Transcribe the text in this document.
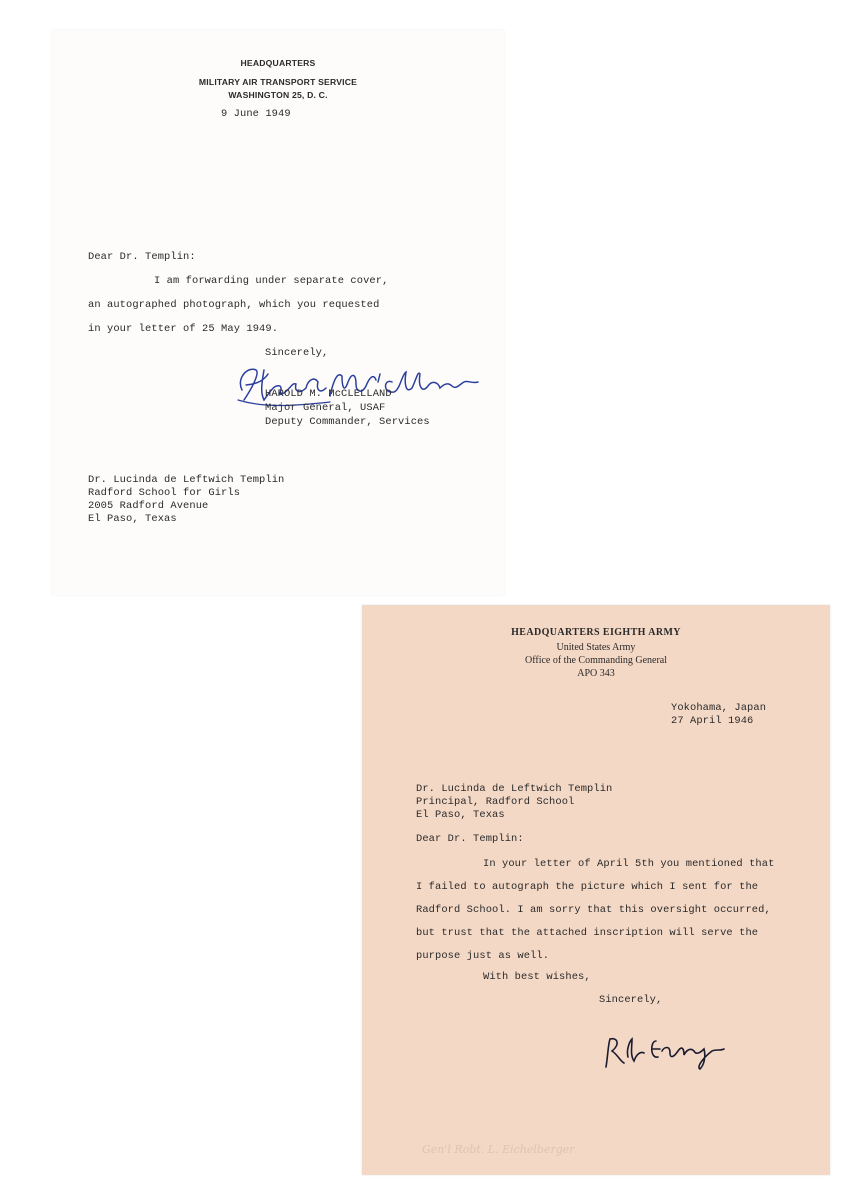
HEADQUARTERS
MILITARY AIR TRANSPORT SERVICE
WASHINGTON 25, D. C.
9 June 1949
Dear Dr. Templin:
I am forwarding under separate cover,
an autographed photograph, which you requested
in your letter of 25 May 1949.
Sincerely,
HAROLD M. McCLELLAND
Major General, USAF
Deputy Commander, Services
Dr. Lucinda de Leftwich Templin
Radford School for Girls
2005 Radford Avenue
El Paso, Texas
HEADQUARTERS EIGHTH ARMY
United States Army
Office of the Commanding General
APO 343
Yokohama, Japan
27 April 1946
Dr. Lucinda de Leftwich Templin
Principal, Radford School
El Paso, Texas
Dear Dr. Templin:
In your letter of April 5th you mentioned that
I failed to autograph the picture which I sent for the
Radford School. I am sorry that this oversight occurred,
but trust that the attached inscription will serve the
purpose just as well.
With best wishes,
Sincerely,
Gen'l Robt. L. Eichelberger
